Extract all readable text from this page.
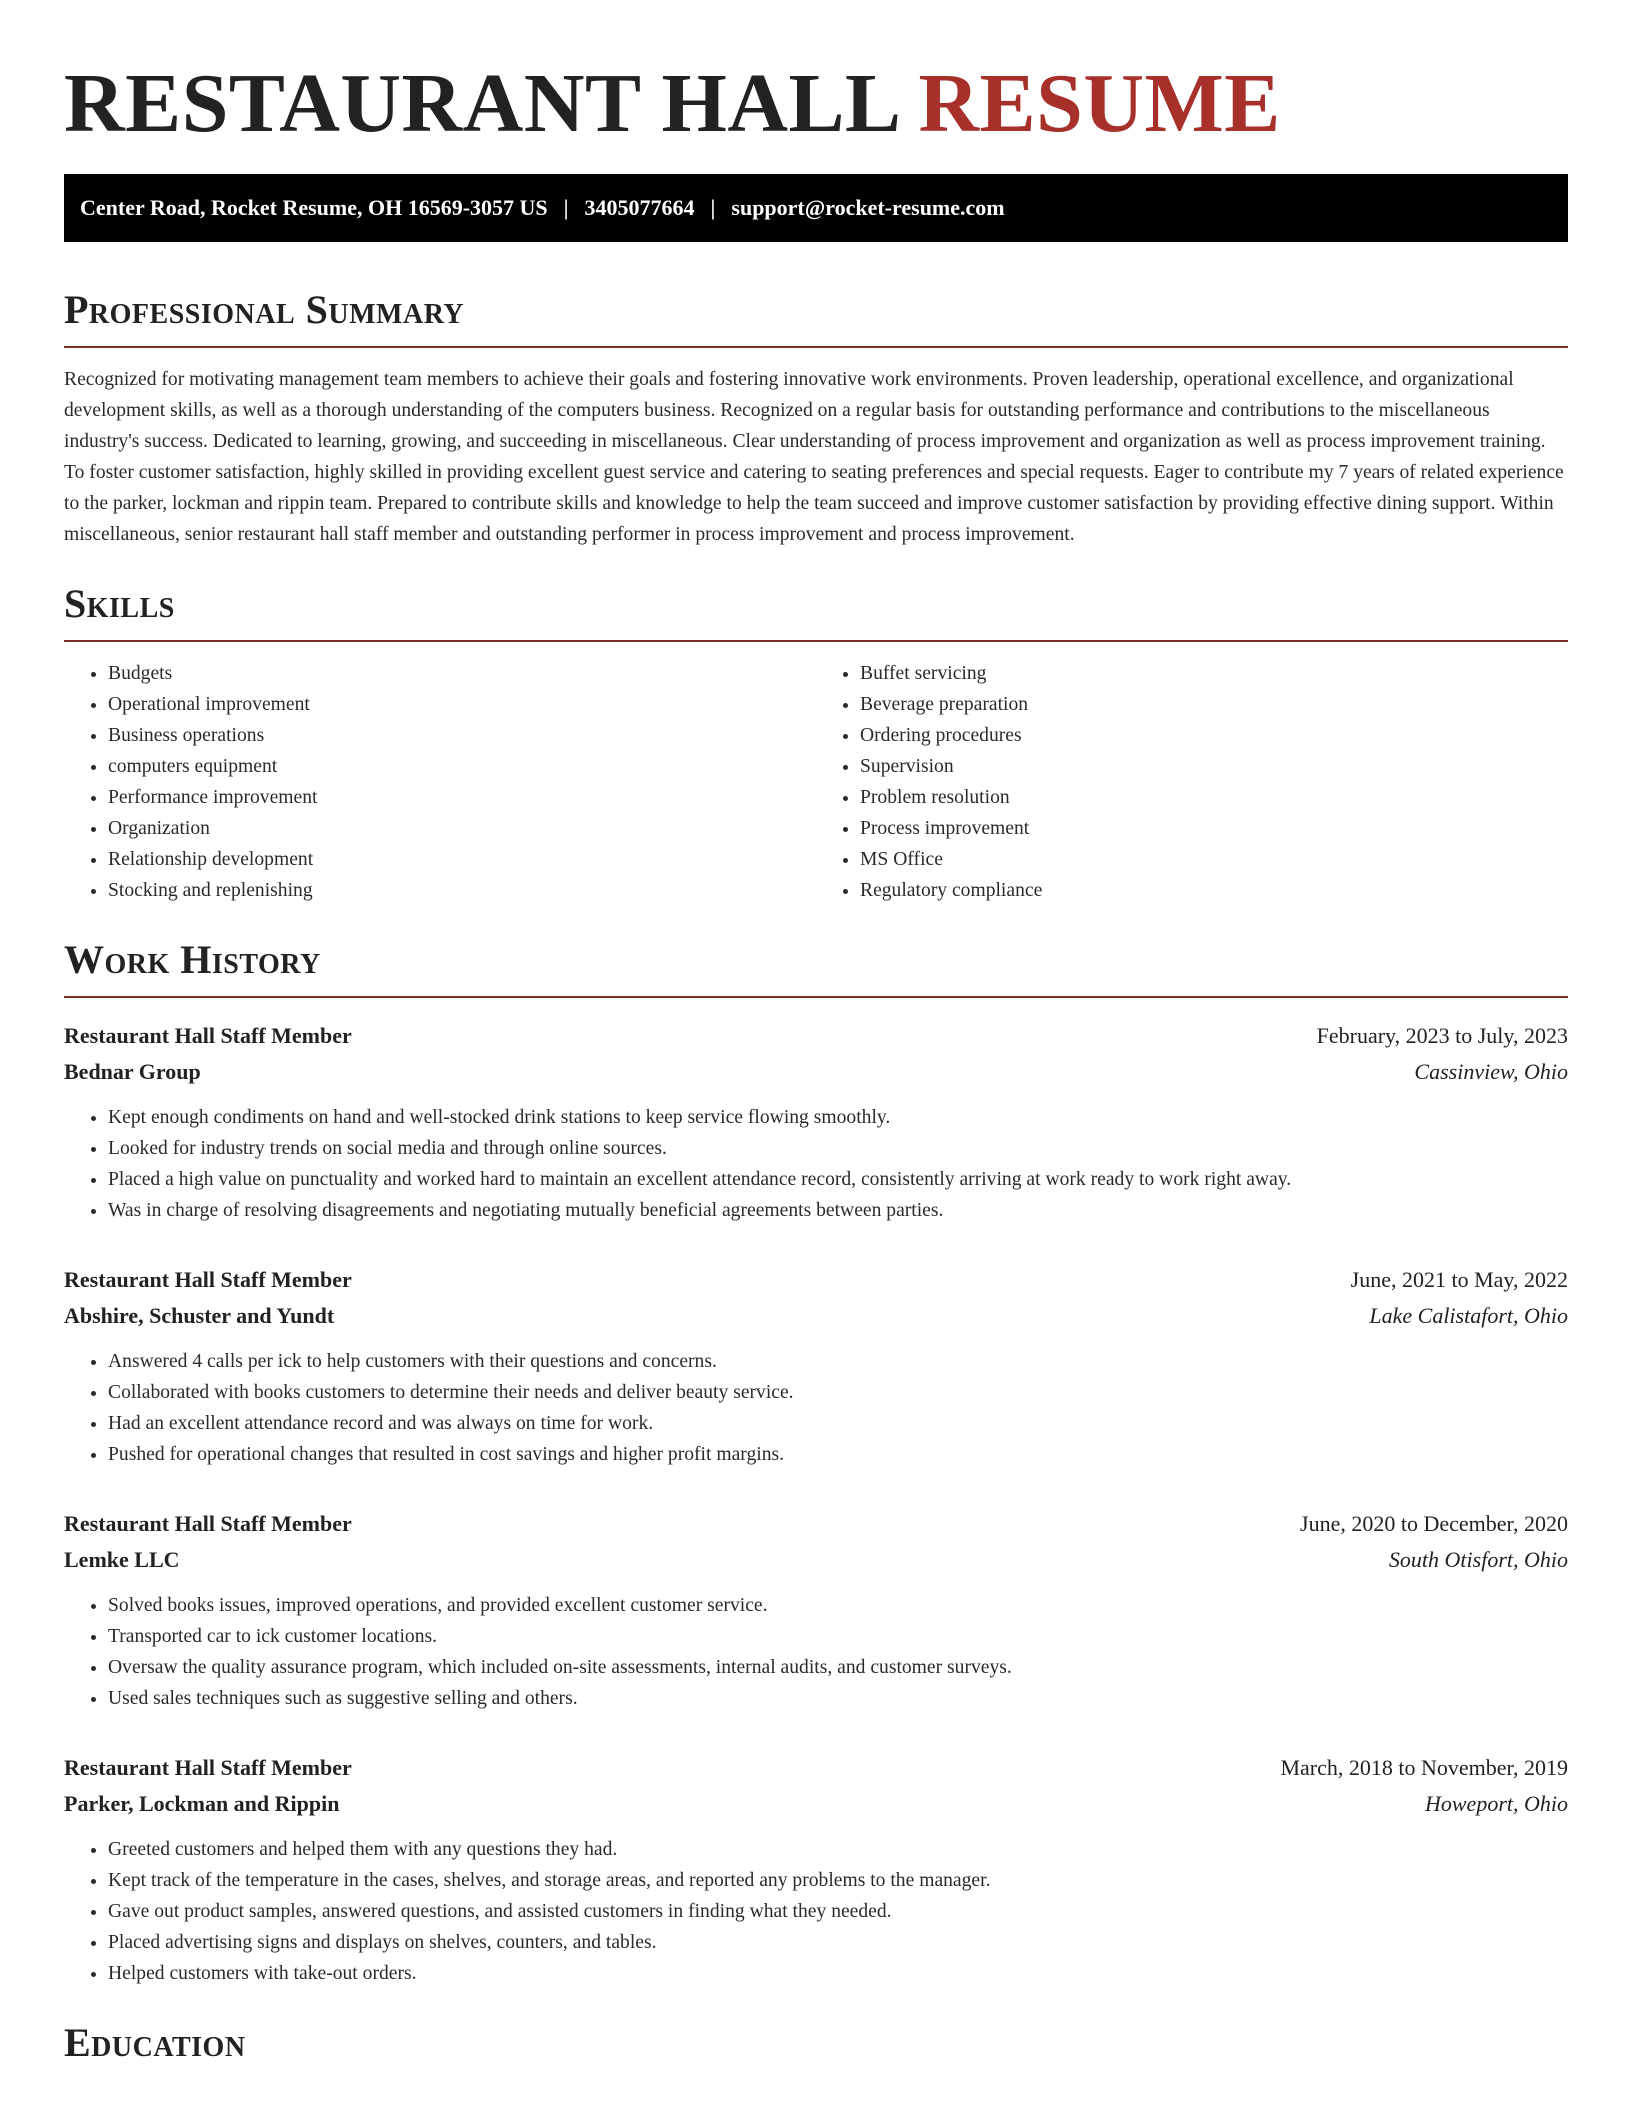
RESTAURANT HALL RESUME
Center Road, Rocket Resume, OH 16569-3057 US | 3405077664 | support@rocket-resume.com
Professional Summary

Recognized for motivating management team members to achieve their goals and fostering innovative work environments. Proven leadership, operational excellence, and organizational development skills, as well as a thorough understanding of the computers business. Recognized on a regular basis for outstanding performance and contributions to the miscellaneous industry's success. Dedicated to learning, growing, and succeeding in miscellaneous. Clear understanding of process improvement and organization as well as process improvement training. To foster customer satisfaction, highly skilled in providing excellent guest service and catering to seating preferences and special requests. Eager to contribute my 7 years of related experience to the parker, lockman and rippin team. Prepared to contribute skills and knowledge to help the team succeed and improve customer satisfaction by providing effective dining support. Within miscellaneous, senior restaurant hall staff member and outstanding performer in process improvement and process improvement.

Skills
• Budgets
• Operational improvement
• Business operations
• computers equipment
• Performance improvement
• Organization
• Relationship development
• Stocking and replenishing
• Buffet servicing
• Beverage preparation
• Ordering procedures
• Supervision
• Problem resolution
• Process improvement
• MS Office
• Regulatory compliance
Work History
Restaurant Hall Staff Member	February, 2023 to July, 2023
Bednar Group	Cassinview, Ohio
• Kept enough condiments on hand and well-stocked drink stations to keep service flowing smoothly.
• Looked for industry trends on social media and through online sources.
• Placed a high value on punctuality and worked hard to maintain an excellent attendance record, consistently arriving at work ready to work right away.
• Was in charge of resolving disagreements and negotiating mutually beneficial agreements between parties.
Restaurant Hall Staff Member	June, 2021 to May, 2022
Abshire, Schuster and Yundt	Lake Calistafort, Ohio
• Answered 4 calls per ick to help customers with their questions and concerns.
• Collaborated with books customers to determine their needs and deliver beauty service.
• Had an excellent attendance record and was always on time for work.
• Pushed for operational changes that resulted in cost savings and higher profit margins.
Restaurant Hall Staff Member	June, 2020 to December, 2020
Lemke LLC	South Otisfort, Ohio
• Solved books issues, improved operations, and provided excellent customer service.
• Transported car to ick customer locations.
• Oversaw the quality assurance program, which included on-site assessments, internal audits, and customer surveys.
• Used sales techniques such as suggestive selling and others.
Restaurant Hall Staff Member	March, 2018 to November, 2019
Parker, Lockman and Rippin	Howeport, Ohio
• Greeted customers and helped them with any questions they had.
• Kept track of the temperature in the cases, shelves, and storage areas, and reported any problems to the manager.
• Gave out product samples, answered questions, and assisted customers in finding what they needed.
• Placed advertising signs and displays on shelves, counters, and tables.
• Helped customers with take-out orders.
Education
